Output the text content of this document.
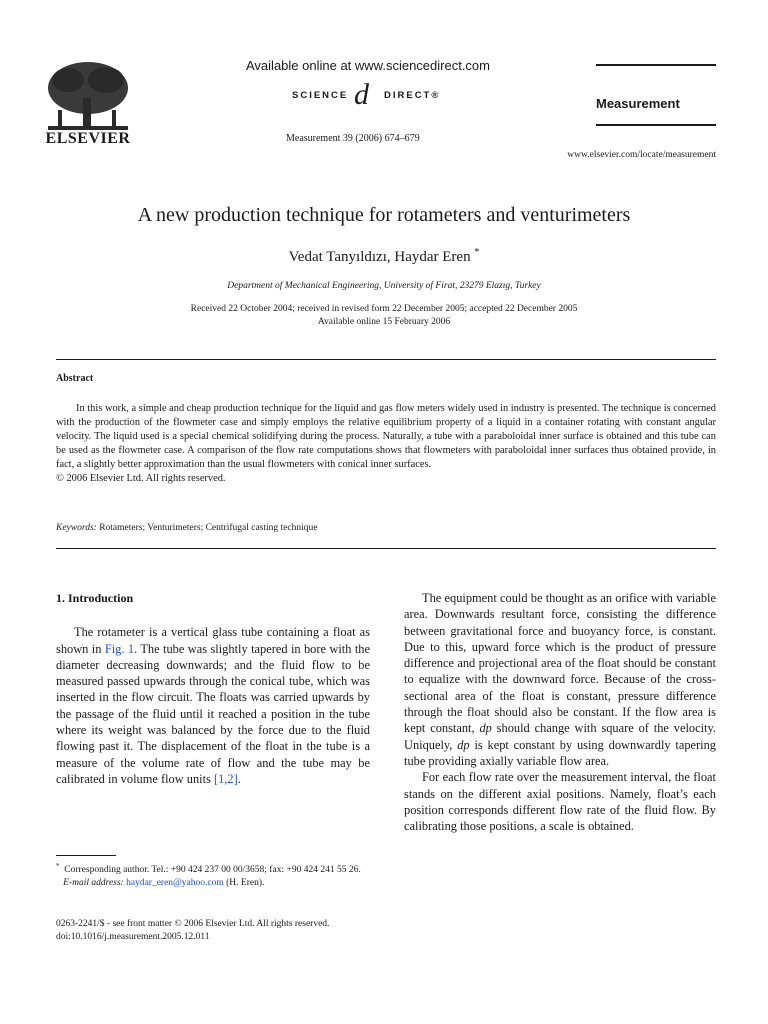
ELSEVIER
Available online at www.sciencedirect.com
SCIENCE d DIRECT®
Measurement 39 (2006) 674–679
Measurement
www.elsevier.com/locate/measurement
A new production technique for rotameters and venturimeters
Vedat Tanyıldızı, Haydar Eren *
Department of Mechanical Engineering, University of Firat, 23279 Elazıg, Turkey
Received 22 October 2004; received in revised form 22 December 2005; accepted 22 December 2005
Available online 15 February 2006
Abstract

In this work, a simple and cheap production technique for the liquid and gas flow meters widely used in industry is presented. The technique is concerned with the production of the flowmeter case and simply employs the relative equilibrium property of a liquid in a container rotating with constant angular velocity. The liquid used is a special chemical solidifying during the process. Naturally, a tube with a paraboloidal inner surface is obtained and this tube can be used as the flowmeter case. A comparison of the flow rate computations shows that flowmeters with paraboloidal inner surfaces thus obtained provide, in fact, a slightly better approximation than the usual flowmeters with conical inner surfaces.

© 2006 Elsevier Ltd. All rights reserved.

Keywords: Rotameters; Venturimeters; Centrifugal casting technique
1. Introduction

The rotameter is a vertical glass tube containing a float as shown in Fig. 1. The tube was slightly tapered in bore with the diameter decreasing downwards; and the fluid flow to be measured passed upwards through the conical tube, which was inserted in the flow circuit. The floats was carried upwards by the passage of the fluid until it reached a position in the tube where its weight was balanced by the force due to the fluid flowing past it. The displacement of the float in the tube is a measure of the volume rate of flow and the tube may be calibrated in volume flow units [1,2].

The equipment could be thought as an orifice with variable area. Downwards resultant force, consisting the difference between gravitational force and buoyancy force, is constant. Due to this, upward force which is the product of pressure difference and projectional area of the float should be constant to equalize with the downward force. Because of the cross-sectional area of the float is constant, pressure difference through the float should also be constant. If the flow area is kept constant, dp should change with square of the velocity. Uniquely, dp is kept constant by using downwardly tapering tube providing axially variable flow area.

For each flow rate over the measurement interval, the float stands on the different axial positions. Namely, float’s each position corresponds different flow rate of the fluid flow. By calibrating those positions, a scale is obtained.

* Corresponding author. Tel.: +90 424 237 00 00/3658; fax: +90 424 241 55 26.
E-mail address: haydar_eren@yahoo.com (H. Eren).
0263-2241/$ - see front matter © 2006 Elsevier Ltd. All rights reserved.
doi:10.1016/j.measurement.2005.12.011
